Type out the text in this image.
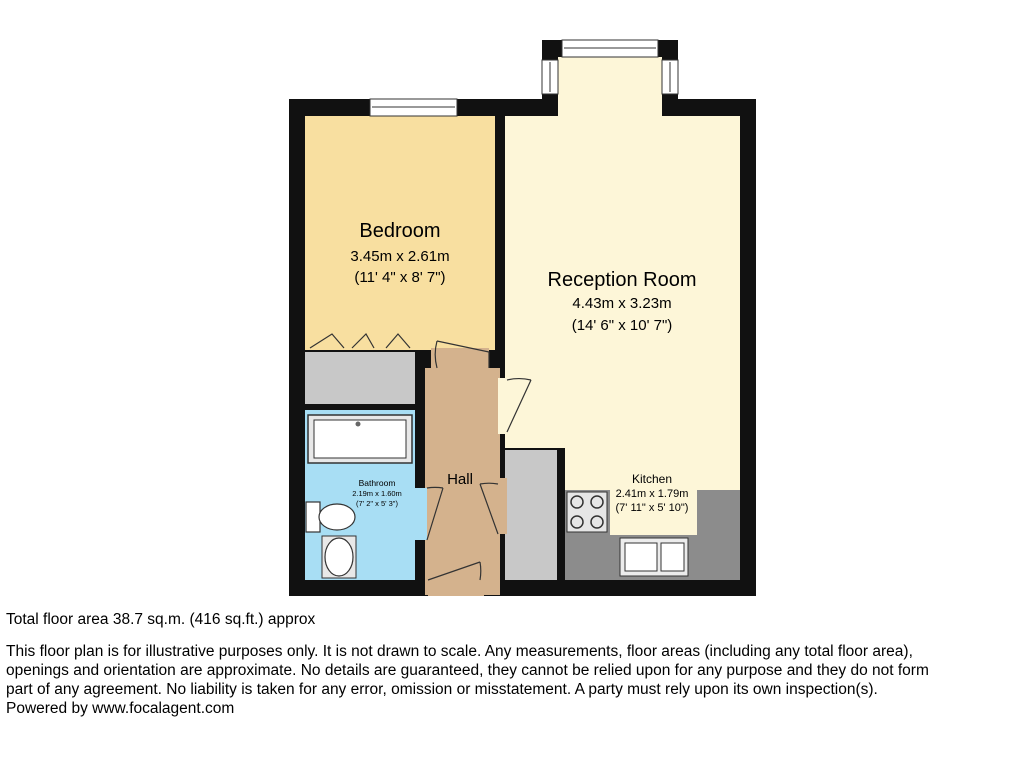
Bedroom
3.45m x 2.61m
(11' 4" x 8' 7")	Reception Room
4.43m x 3.23m
(14' 6" x 10' 7")
Kitchen
2.41m x 1.79m
(7' 11" x 5' 10")
Bathroom
2.19m x 1.60m
(7' 2" x 5' 3")
Hall

Total floor area 38.7 sq.m. (416 sq.ft.) approx

This floor plan is for illustrative purposes only. It is not drawn to scale. Any measurements, floor areas (including any total floor area),
openings and orientation are approximate. No details are guaranteed, they cannot be relied upon for any purpose and they do not form
part of any agreement. No liability is taken for any error, omission or misstatement. A party must rely upon its own inspection(s).

Powered by www.focalagent.com
